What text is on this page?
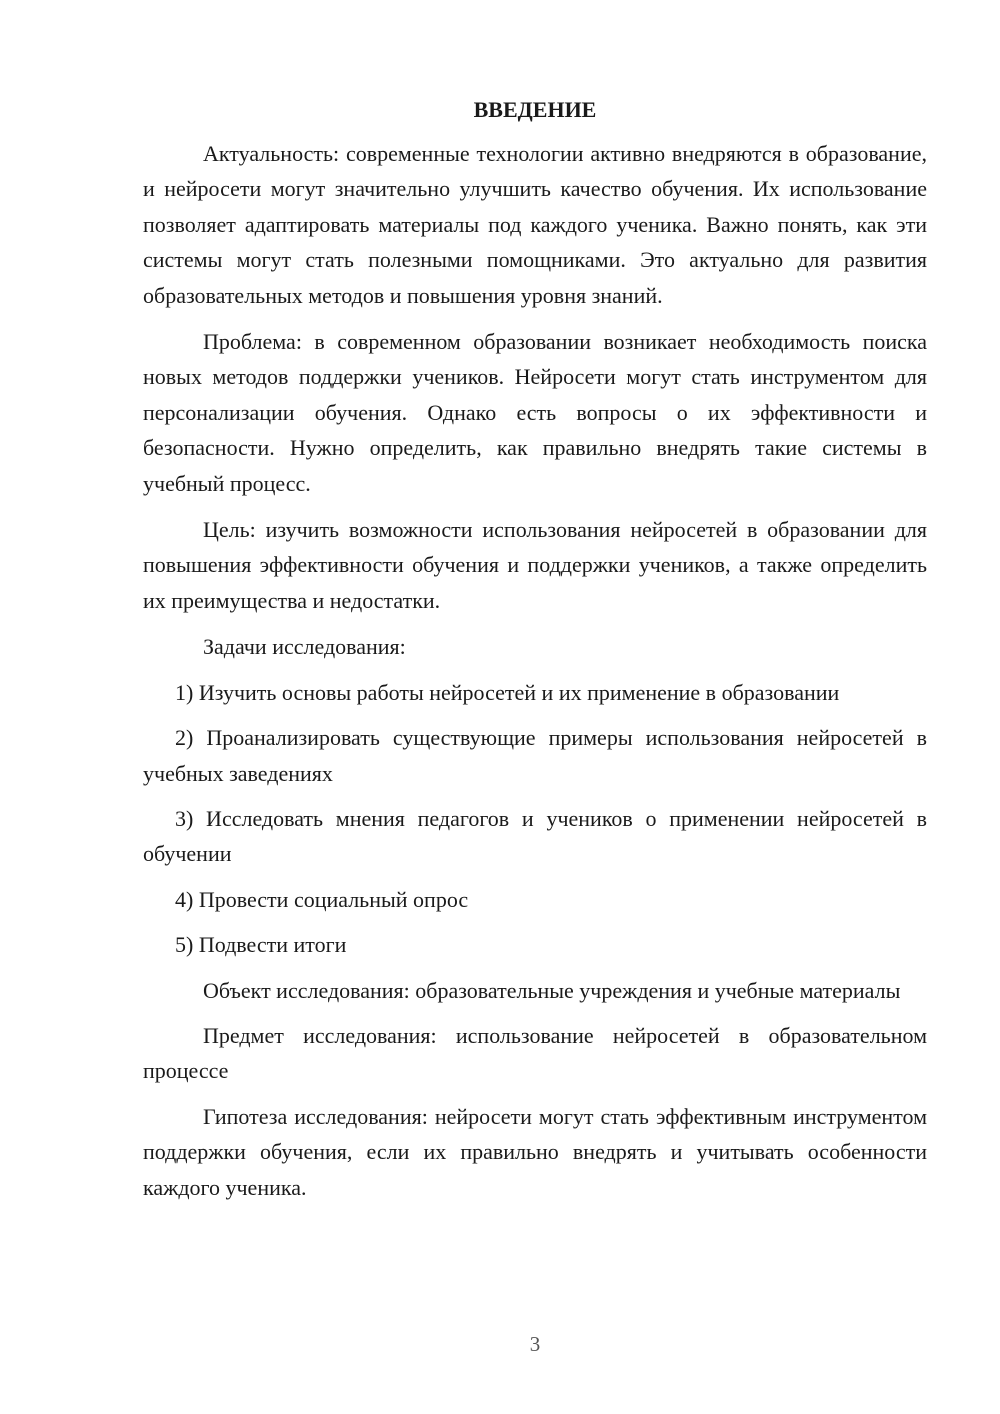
ВВЕДЕНИЕ

Актуальность: современные технологии активно внедряются в образование, и нейросети могут значительно улучшить качество обучения. Их использование позволяет адаптировать материалы под каждого ученика. Важно понять, как эти системы могут стать полезными помощниками. Это актуально для развития образовательных методов и повышения уровня знаний.

Проблема: в современном образовании возникает необходимость поиска новых методов поддержки учеников. Нейросети могут стать инструментом для персонализации обучения. Однако есть вопросы о их эффективности и безопасности. Нужно определить, как правильно внедрять такие системы в учебный процесс.

Цель: изучить возможности использования нейросетей в образовании для повышения эффективности обучения и поддержки учеников, а также определить их преимущества и недостатки.

Задачи исследования:

1) Изучить основы работы нейросетей и их применение в образовании

2) Проанализировать существующие примеры использования нейросетей в учебных заведениях

3) Исследовать мнения педагогов и учеников о применении нейросетей в обучении

4) Провести социальный опрос

5) Подвести итоги

Объект исследования: образовательные учреждения и учебные материалы

Предмет исследования: использование нейросетей в образовательном процессе

Гипотеза исследования: нейросети могут стать эффективным инструментом поддержки обучения, если их правильно внедрять и учитывать особенности каждого ученика.

3
